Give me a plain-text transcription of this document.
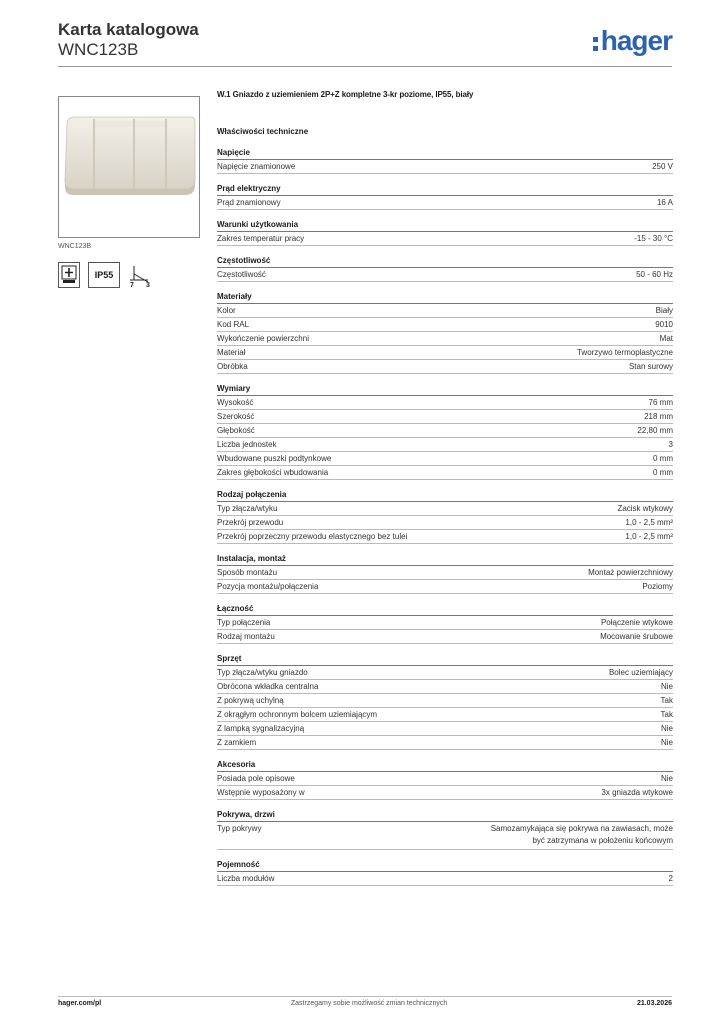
Karta katalogowa
WNC123B	hager
WNC123B
IP55
7 3
W.1 Gniazdo z uziemieniem 2P+Z kompletne 3-kr poziome, IP55, biały
Właściwości techniczne
Napięcie
Napięcie znamionowe	250 V
Prąd elektryczny
Prąd znamionowy	16 A
Warunki użytkowania
Zakres temperatur pracy	-15 - 30 °C
Częstotliwość
Częstotliwość	50 - 60 Hz
Materiały
Kolor	Biały
Kod RAL	9010
Wykończenie powierzchni	Mat
Materiał	Tworzywo termoplastyczne
Obróbka	Stan surowy
Wymiary
Wysokość	76 mm
Szerokość	218 mm
Głębokość	22,80 mm
Liczba jednostek	3
Wbudowane puszki podtynkowe	0 mm
Zakres głębokości wbudowania	0 mm
Rodzaj połączenia
Typ złącza/wtyku	Zacisk wtykowy
Przekrój przewodu	1,0 - 2,5 mm²
Przekrój poprzeczny przewodu elastycznego bez tulei	1,0 - 2,5 mm²
Instalacja, montaż
Sposób montażu	Montaż powierzchniowy
Pozycja montażu/połączenia	Poziomy
Łączność
Typ połączenia	Połączenie wtykowe
Rodzaj montażu	Mocowanie śrubowe
Sprzęt
Typ złącza/wtyku gniazdo	Bolec uziemiający
Obrócona wkładka centralna	Nie
Z pokrywą uchylną	Tak
Z okrągłym ochronnym bolcem uziemiającym	Tak
Z lampką sygnalizacyjną	Nie
Z zamkiem	Nie
Akcesoria
Posiada pole opisowe	Nie
Wstępnie wyposażony w	3x gniazda wtykowe
Pokrywa, drzwi
Typ pokrywy	Samozamykająca się pokrywa na zawiasach, może
być zatrzymana w położeniu końcowym
Pojemność
Liczba modułów	2
hager.com/pl	Zastrzegamy sobie możliwość zmian technicznych	21.03.2026
